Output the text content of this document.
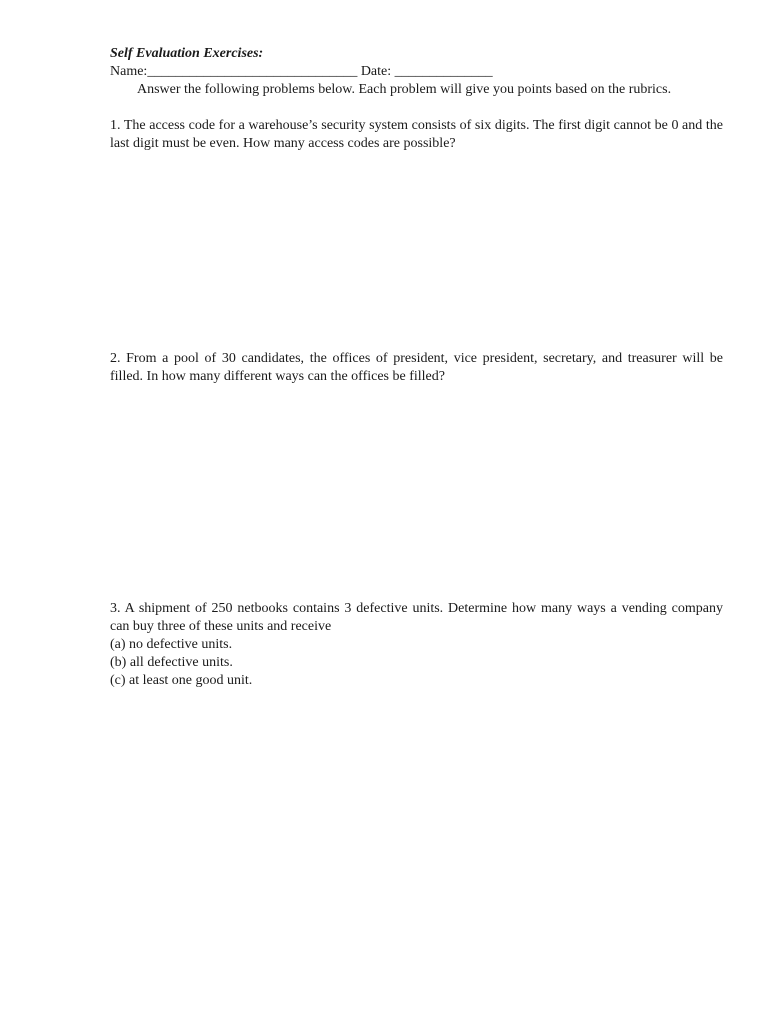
Self Evaluation Exercises:

Name:______________________________ Date: ______________

Answer the following problems below. Each problem will give you points based on the rubrics.

1. The access code for a warehouse’s security system consists of six digits. The first digit cannot be 0 and the last digit must be even. How many access codes are possible?

2. From a pool of 30 candidates, the offices of president, vice president, secretary, and treasurer will be filled. In how many different ways can the offices be filled?

3. A shipment of 250 netbooks contains 3 defective units. Determine how many ways a vending company can buy three of these units and receive

(a) no defective units.

(b) all defective units.

(c) at least one good unit.
